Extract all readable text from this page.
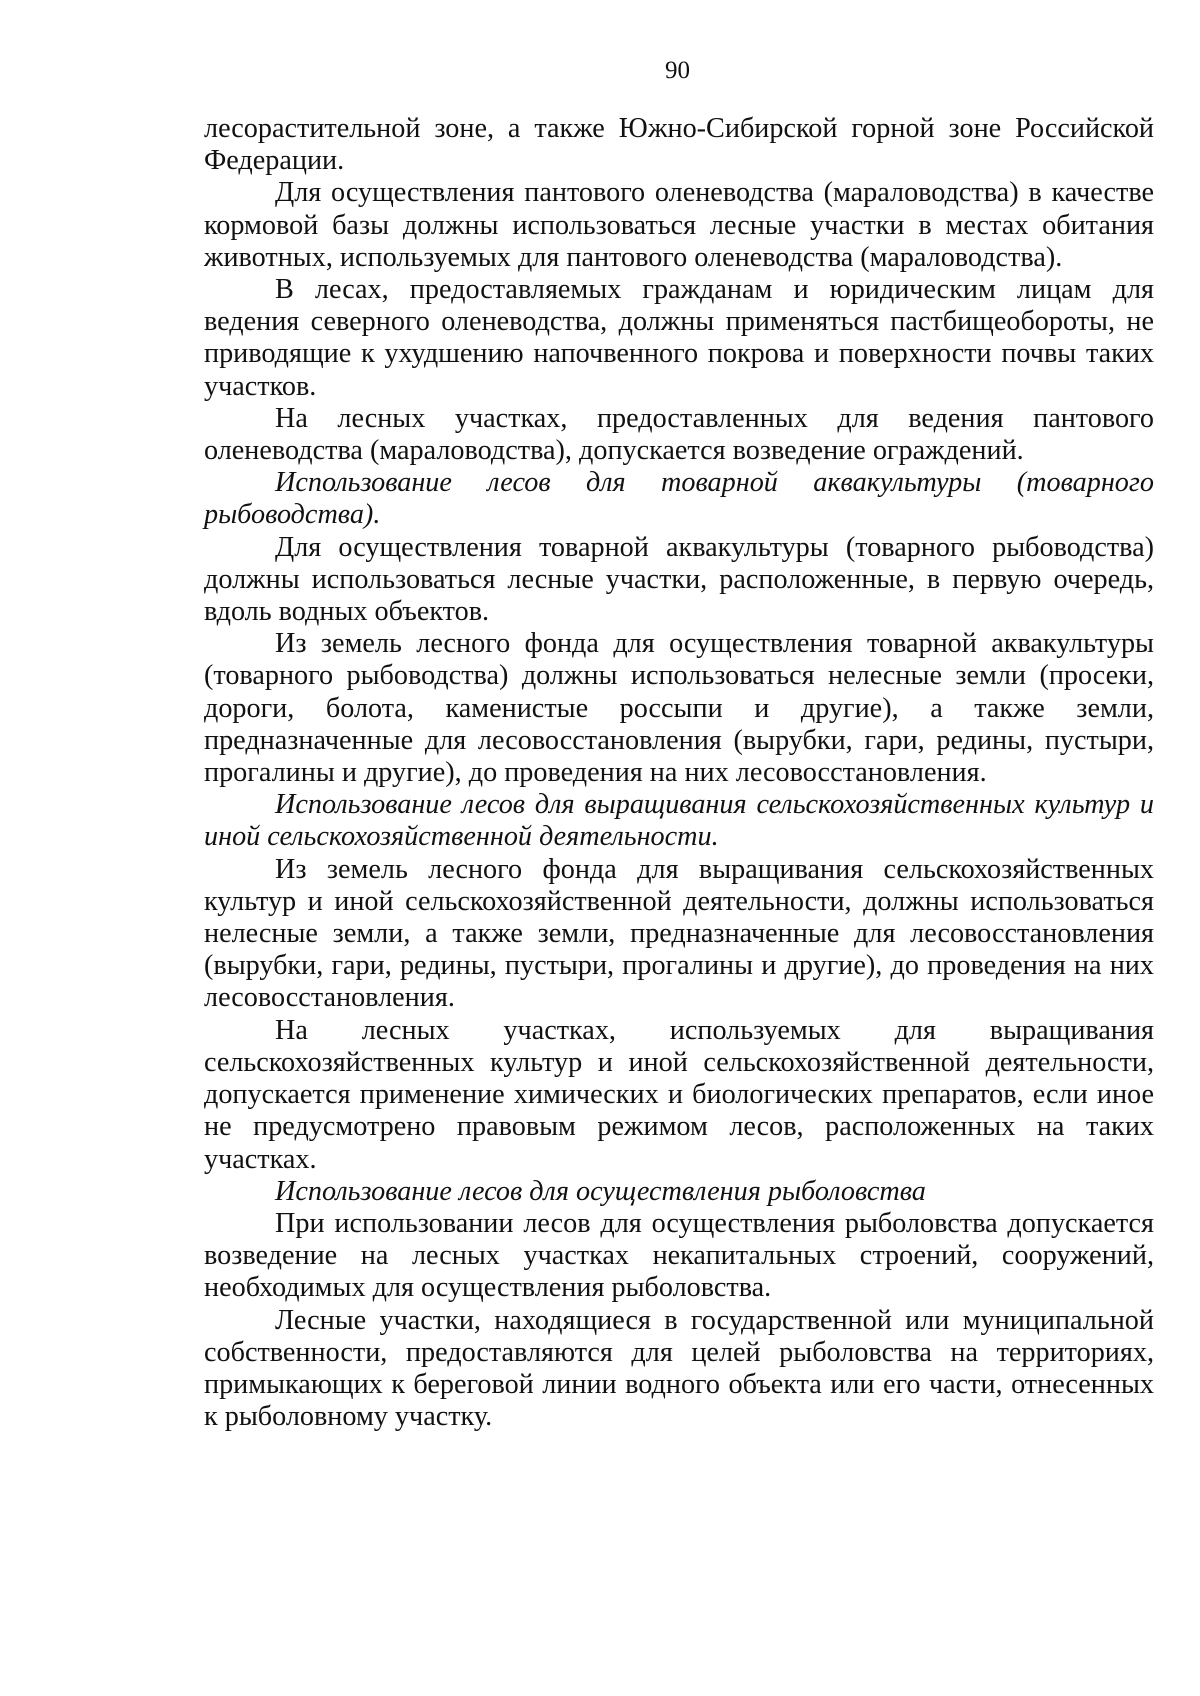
90

лесорастительной зоне, а также Южно-Сибирской горной зоне Российской Федерации.

Для осуществления пантового оленеводства (мараловодства) в качестве кормовой базы должны использоваться лесные участки в местах обитания животных, используемых для пантового оленеводства (мараловодства).

В лесах, предоставляемых гражданам и юридическим лицам для ведения северного оленеводства, должны применяться пастбищеобороты, не приводящие к ухудшению напочвенного покрова и поверхности почвы таких участков.

На лесных участках, предоставленных для ведения пантового оленеводства (мараловодства), допускается возведение ограждений.

Использование лесов для товарной аквакультуры (товарного рыбоводства).

Для осуществления товарной аквакультуры (товарного рыбоводства) должны использоваться лесные участки, расположенные, в первую очередь, вдоль водных объектов.

Из земель лесного фонда для осуществления товарной аквакультуры (товарного рыбоводства) должны использоваться нелесные земли (просеки, дороги, болота, каменистые россыпи и другие), а также земли, предназначенные для лесовосстановления (вырубки, гари, редины, пустыри, прогалины и другие), до проведения на них лесовосстановления.

Использование лесов для выращивания сельскохозяйственных культур и иной сельскохозяйственной деятельности.

Из земель лесного фонда для выращивания сельскохозяйственных культур и иной сельскохозяйственной деятельности, должны использоваться нелесные земли, а также земли, предназначенные для лесовосстановления (вырубки, гари, редины, пустыри, прогалины и другие), до проведения на них лесовосстановления.

На лесных участках, используемых для выращивания сельскохозяйственных культур и иной сельскохозяйственной деятельности, допускается применение химических и биологических препаратов, если иное не предусмотрено правовым режимом лесов, расположенных на таких участках.

Использование лесов для осуществления рыболовства

При использовании лесов для осуществления рыболовства допускается возведение на лесных участках некапитальных строений, сооружений, необходимых для осуществления рыболовства.

Лесные участки, находящиеся в государственной или муниципальной собственности, предоставляются для целей рыболовства на территориях, примыкающих к береговой линии водного объекта или его части, отнесенных к рыболовному участку.
